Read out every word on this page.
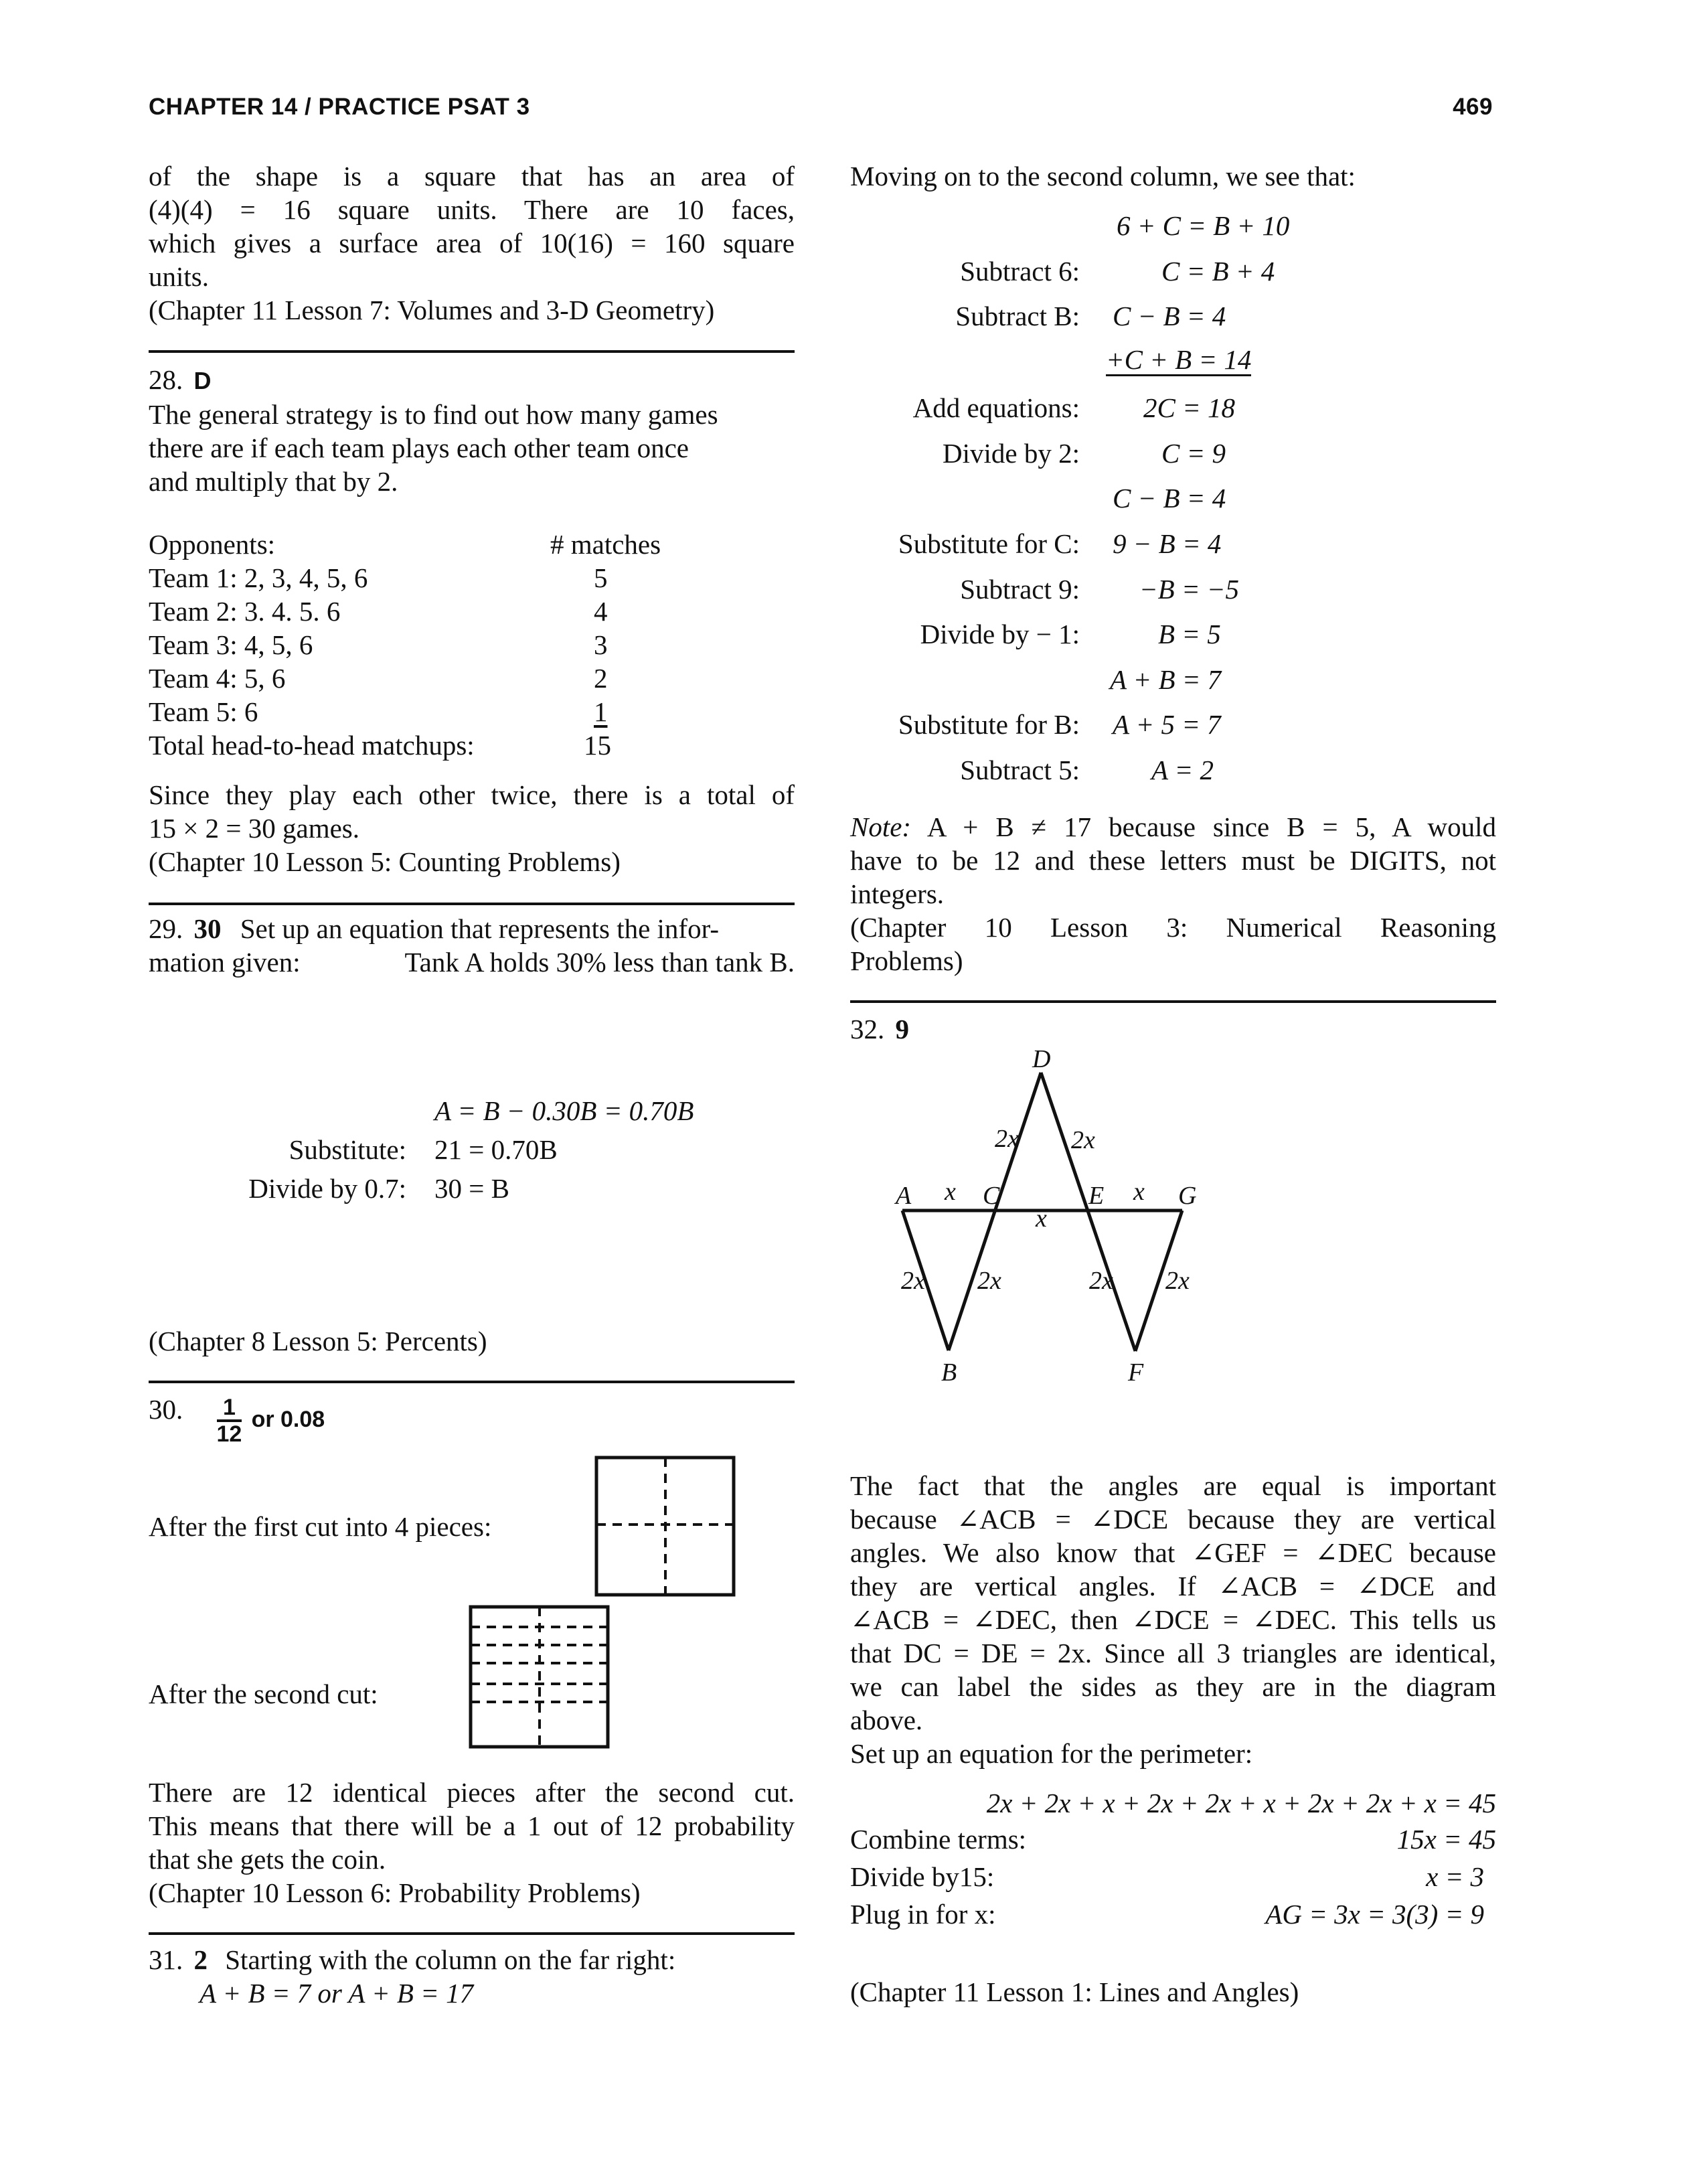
CHAPTER 14 / PRACTICE PSAT 3	469
of the shape is a square that has an area of
(4)(4) = 16 square units. There are 10 faces,
which gives a surface area of 10(16) = 160 square
units.
(Chapter 11 Lesson 7: Volumes and 3-D Geometry)
28. D
The general strategy is to find out how many games
there are if each team plays each other team once
and multiply that by 2.
Opponents:	# matches
Team 1: 2, 3, 4, 5, 6	5
Team 2: 3. 4. 5. 6	4
Team 3: 4, 5, 6	3
Team 4: 5, 6	2
Team 5: 6	1
Total head-to-head matchups:	15
Since they play each other twice, there is a total of
15 × 2 = 30 games.
(Chapter 10 Lesson 5: Counting Problems)
29. 30 Set up an equation that represents the infor-
mation given:	Tank A holds 30% less than tank B.
A = B − 0.30B = 0.70B
Substitute: 21 = 0.70B
Divide by 0.7: 30 = B
(Chapter 8 Lesson 5: Percents)
30. $\frac{1}{12}$ or 0.08
After the first cut into 4 pieces:
After the second cut:
There are 12 identical pieces after the second cut.
This means that there will be a 1 out of 12 probability
that she gets the coin.
(Chapter 10 Lesson 6: Probability Problems)
31. 2 Starting with the column on the far right:
A + B = 7 or A + B = 17
Moving on to the second column, we see that:
6 + C = B + 10
Subtract 6:	C = B + 4
Subtract B: C − B = 4
+C + B = 14
Add equations: 2C = 18
Divide by 2:	C = 9
C − B = 4
Substitute for C: 9 − B = 4
Subtract 9: −B = −5
Divide by − 1:	B = 5
A + B = 7
Substitute for B: A + 5 = 7
Subtract 5:	A = 2
Note: A + B ≠ 17 because since B = 5, A would
have to be 12 and these letters must be DIGITS, not
integers.
(Chapter 10 Lesson 3: Numerical Reasoning
Problems)
32. 9
D
A	C	E	G
B	F
x
x
x
2x 2x
2x 2x	2x 2x
The fact that the angles are equal is important
because ∠ACB = ∠DCE because they are vertical
angles. We also know that ∠GEF = ∠DEC because
they are vertical angles. If ∠ACB = ∠DCE and
∠ACB = ∠DEC, then ∠DCE = ∠DEC. This tells us
that DC = DE = 2x. Since all 3 triangles are identical,
we can label the sides as they are in the diagram
above.
Set up an equation for the perimeter:
2x + 2x + x + 2x + 2x + x + 2x + 2x + x = 45
Combine terms:	15x = 45
Divide by15:	x = 3
Plug in for x:	AG = 3x = 3(3) = 9
(Chapter 11 Lesson 1: Lines and Angles)
